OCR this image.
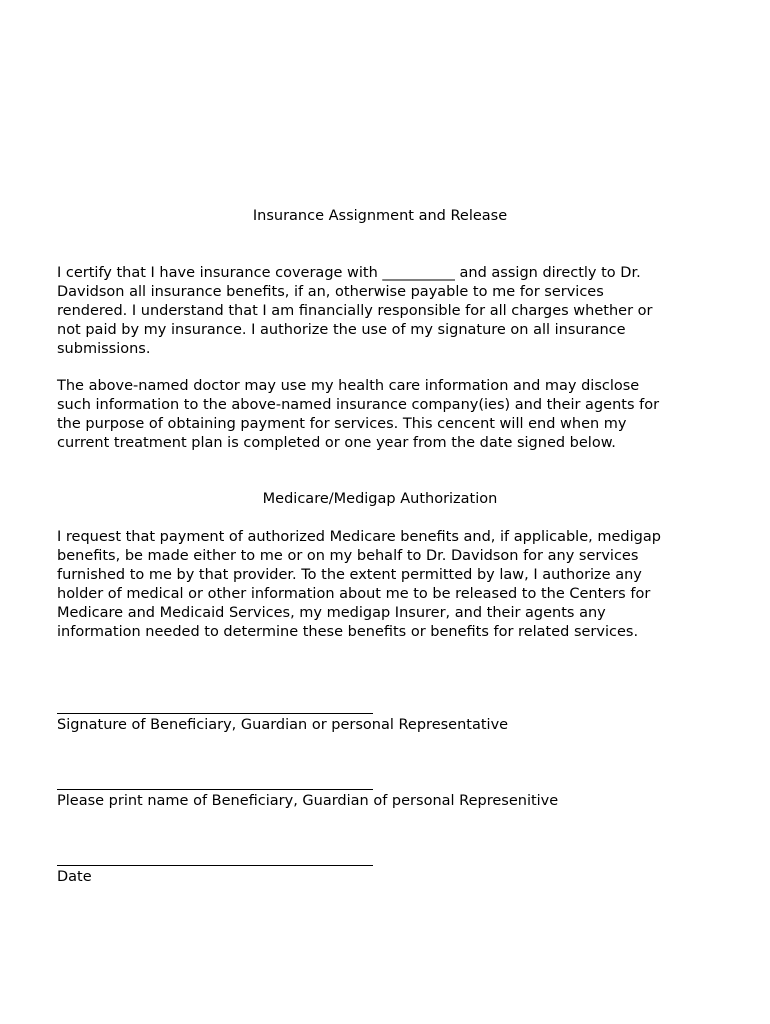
Insurance Assignment and Release
I certify that I have insurance coverage with __________ and assign directly to Dr.
Davidson all insurance benefits, if an, otherwise payable to me for services
rendered. I understand that I am financially responsible for all charges whether or
not paid by my insurance. I authorize the use of my signature on all insurance
submissions.
The above-named doctor may use my health care information and may disclose
such information to the above-named insurance company(ies) and their agents for
the purpose of obtaining payment for services. This cencent will end when my
current treatment plan is completed or one year from the date signed below.
Medicare/Medigap Authorization
I request that payment of authorized Medicare benefits and, if applicable, medigap
benefits, be made either to me or on my behalf to Dr. Davidson for any services
furnished to me by that provider. To the extent permitted by law, I authorize any
holder of medical or other information about me to be released to the Centers for
Medicare and Medicaid Services, my medigap Insurer, and their agents any
information needed to determine these benefits or benefits for related services.
Signature of Beneficiary, Guardian or personal Representative
Please print name of Beneficiary, Guardian of personal Represenitive
Date
